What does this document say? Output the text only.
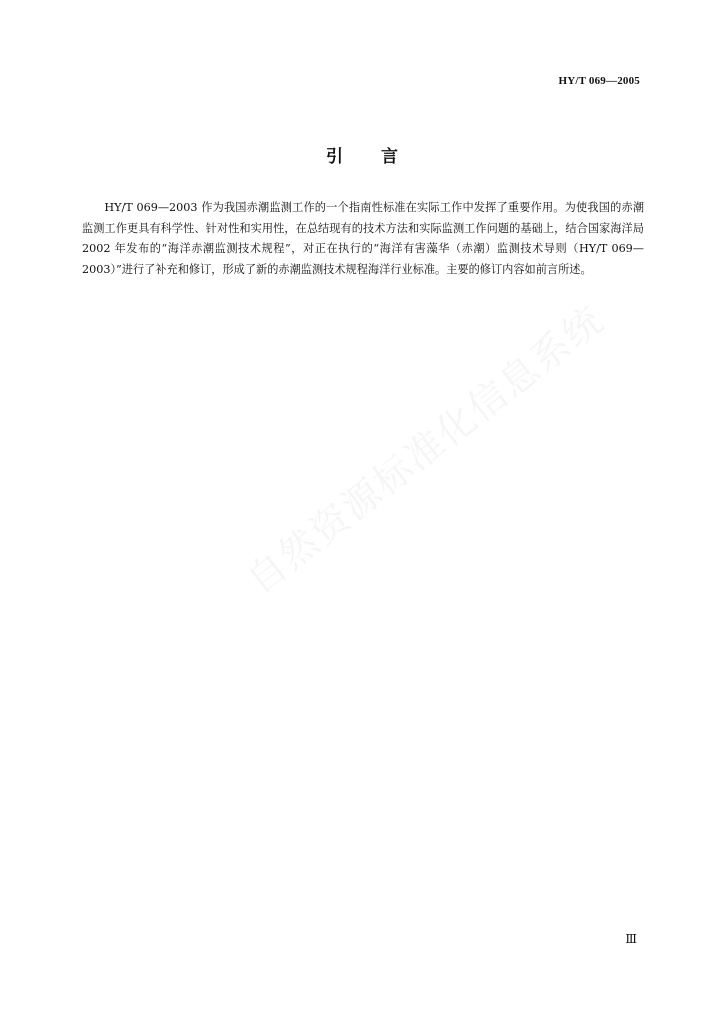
HY/T 069—2005
引 言

HY/T 069—2003 作为我国赤潮监测工作的一个指南性标准在实际工作中发挥了重要作用。为使我国的赤潮监测工作更具有科学性、针对性和实用性，在总结现有的技术方法和实际监测工作问题的基础上，结合国家海洋局 2002 年发布的“海洋赤潮监测技术规程”，对正在执行的“海洋有害藻华（赤潮）监测技术导则（HY/T 069—2003）”进行了补充和修订，形成了新的赤潮监测技术规程海洋行业标准。主要的修订内容如前言所述。

自然资源标准化信息系统
Ⅲ
